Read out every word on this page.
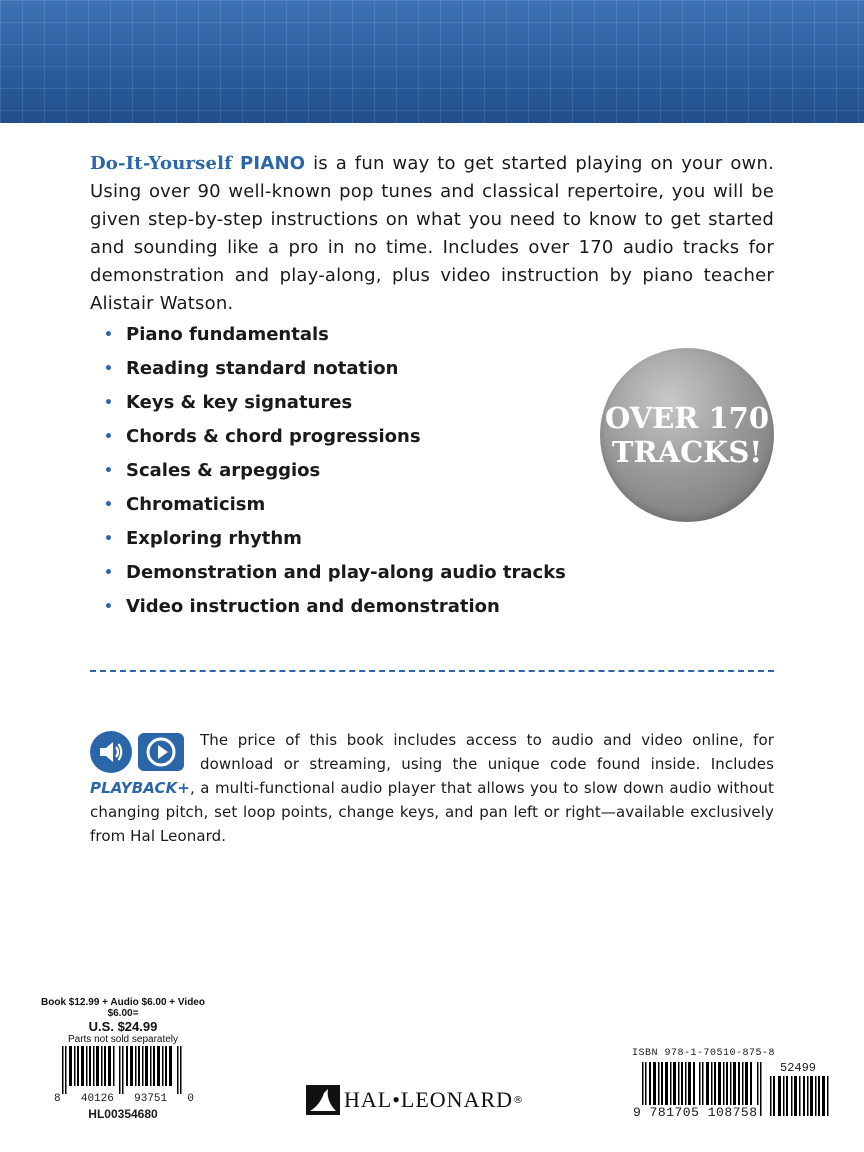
Do-It-Yourself PIANO is a fun way to get started playing on your own. Using over 90 well-known pop tunes and classical repertoire, you will be given step-by-step instructions on what you need to know to get started and sounding like a pro in no time. Includes over 170 audio tracks for demonstration and play-along, plus video instruction by piano teacher Alistair Watson.

• Piano fundamentals
• Reading standard notation
• Keys & key signatures
• Chords & chord progressions
• Scales & arpeggios
• Chromaticism
• Exploring rhythm
• Demonstration and play-along audio tracks
• Video instruction and demonstration
OVER 170
TRACKS!

The price of this book includes access to audio and video online, for download or streaming, using the unique code found inside. Includes PLAYBACK+, a multi-functional audio player that allows you to slow down audio without changing pitch, set loop points, change keys, and pan left or right—available exclusively from Hal Leonard.

Book $12.99 + Audio $6.00 + Video $6.00=
U.S. $24.99
Parts not sold separately
8 40126 93751 0
HL00354680
HAL•LEONARD ®
ISBN 978-1-70510-875-8
52499
9 781705 108758
